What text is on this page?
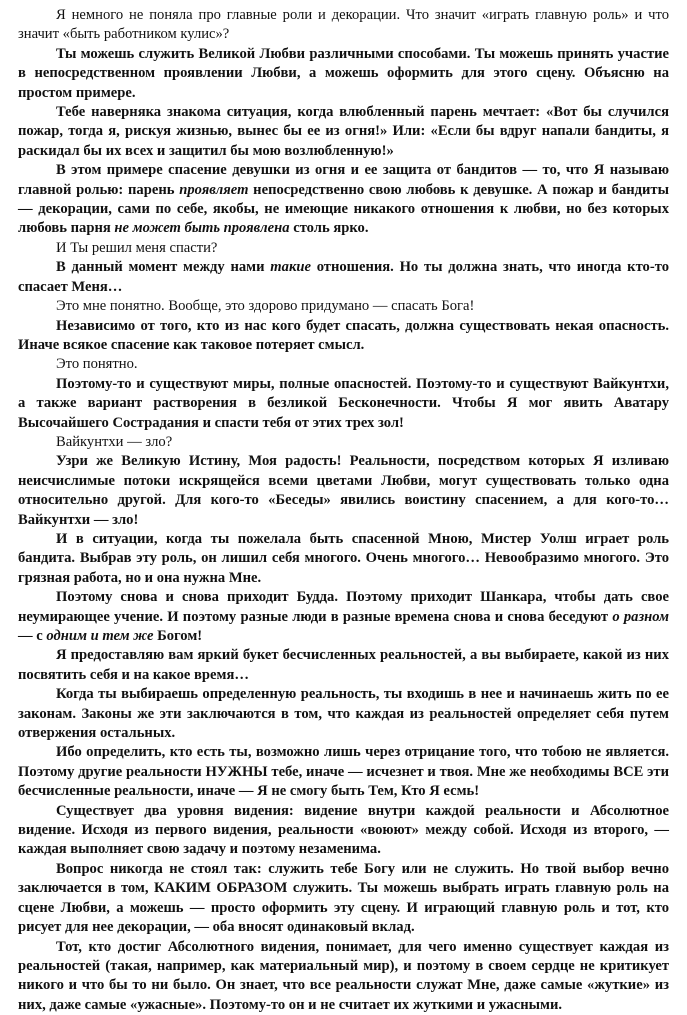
Я немного не поняла про главные роли и декорации. Что значит «играть главную роль» и что значит «быть работником кулис»?

Ты можешь служить Великой Любви различными способами. Ты можешь принять участие в непосредственном проявлении Любви, а можешь оформить для этого сцену. Объясню на простом примере.

Тебе наверняка знакома ситуация, когда влюбленный парень мечтает: «Вот бы случился пожар, тогда я, рискуя жизнью, вынес бы ее из огня!» Или: «Если бы вдруг напали бандиты, я раскидал бы их всех и защитил бы мою возлюбленную!»

В этом примере спасение девушки из огня и ее защита от бандитов — то, что Я называю главной ролью: парень проявляет непосредственно свою любовь к девушке. А пожар и бандиты — декорации, сами по себе, якобы, не имеющие никакого отношения к любви, но без которых любовь парня не может быть проявлена столь ярко.

И Ты решил меня спасти?

В данный момент между нами такие отношения. Но ты должна знать, что иногда кто-то спасает Меня…

Это мне понятно. Вообще, это здорово придумано — спасать Бога!

Независимо от того, кто из нас кого будет спасать, должна существовать некая опасность. Иначе всякое спасение как таковое потеряет смысл.

Это понятно.

Поэтому-то и существуют миры, полные опасностей. Поэтому-то и существуют Вайкунтхи, а также вариант растворения в безликой Бесконечности. Чтобы Я мог явить Аватару Высочайшего Сострадания и спасти тебя от этих трех зол!

Вайкунтхи — зло?

Узри же Великую Истину, Моя радость! Реальности, посредством которых Я изливаю неисчислимые потоки искрящейся всеми цветами Любви, могут существовать только одна относительно другой. Для кого-то «Беседы» явились воистину спасением, а для кого-то… Вайкунтхи — зло!

И в ситуации, когда ты пожелала быть спасенной Мною, Мистер Уолш играет роль бандита. Выбрав эту роль, он лишил себя многого. Очень многого… Невообразимо многого. Это грязная работа, но и она нужна Мне.

Поэтому снова и снова приходит Будда. Поэтому приходит Шанкара, чтобы дать свое неумирающее учение. И поэтому разные люди в разные времена снова и снова беседуют о разном — с одним и тем же Богом!

Я предоставляю вам яркий букет бесчисленных реальностей, а вы выбираете, какой из них посвятить себя и на какое время…

Когда ты выбираешь определенную реальность, ты входишь в нее и начинаешь жить по ее законам. Законы же эти заключаются в том, что каждая из реальностей определяет себя путем отвержения остальных.

Ибо определить, кто есть ты, возможно лишь через отрицание того, что тобою не является. Поэтому другие реальности НУЖНЫ тебе, иначе — исчезнет и твоя. Мне же необходимы ВСЕ эти бесчисленные реальности, иначе — Я не смогу быть Тем, Кто Я есмь!

Существует два уровня видения: видение внутри каждой реальности и Абсолютное видение. Исходя из первого видения, реальности «воюют» между собой. Исходя из второго, — каждая выполняет свою задачу и поэтому незаменима.

Вопрос никогда не стоял так: служить тебе Богу или не служить. Но твой выбор вечно заключается в том, КАКИМ ОБРАЗОМ служить. Ты можешь выбрать играть главную роль на сцене Любви, а можешь — просто оформить эту сцену. И играющий главную роль и тот, кто рисует для нее декорации, — оба вносят одинаковый вклад.

Тот, кто достиг Абсолютного видения, понимает, для чего именно существует каждая из реальностей (такая, например, как материальный мир), и поэтому в своем сердце не критикует никого и что бы то ни было. Он знает, что все реальности служат Мне, даже самые «жуткие» из них, даже самые «ужасные». Поэтому-то он и не считает их жуткими и ужасными.
